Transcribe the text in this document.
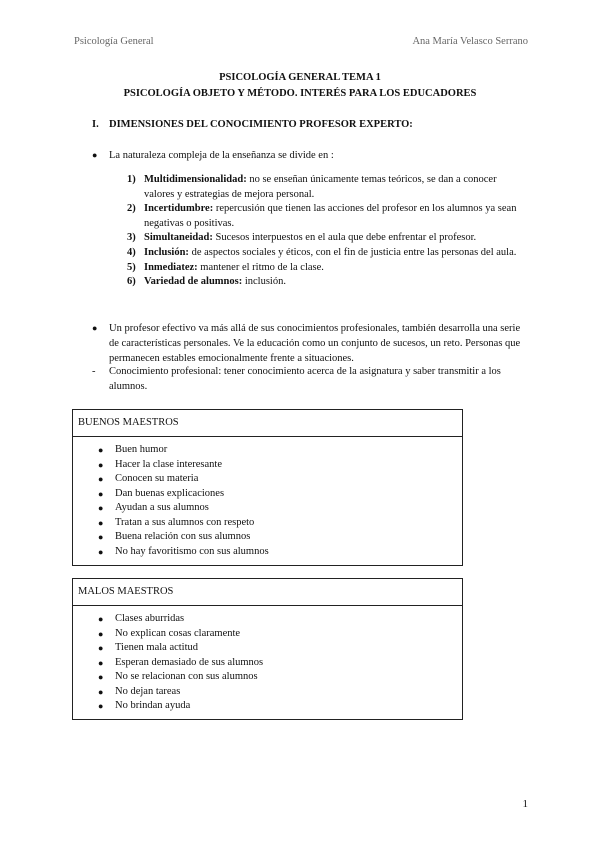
Psicología General	Ana María Velasco Serrano
PSICOLOGÍA GENERAL TEMA 1
PSICOLOGÍA OBJETO Y MÉTODO. INTERÉS PARA LOS EDUCADORES
I. DIMENSIONES DEL CONOCIMIENTO PROFESOR EXPERTO:
● La naturaleza compleja de la enseñanza se divide en :
1) Multidimensionalidad: no se enseñan únicamente temas teóricos, se dan a conocer valores y estrategias de mejora personal.
2) Incertidumbre: repercusión que tienen las acciones del profesor en los alumnos ya sean negativas o positivas.
3) Simultaneidad: Sucesos interpuestos en el aula que debe enfrentar el profesor.
4) Inclusión: de aspectos sociales y éticos, con el fin de justicia entre las personas del aula.
5) Inmediatez: mantener el ritmo de la clase.
6) Variedad de alumnos: inclusión.
● Un profesor efectivo va más allá de sus conocimientos profesionales, también desarrolla una serie de características personales. Ve la educación como un conjunto de sucesos, un reto. Personas que permanecen estables emocionalmente frente a situaciones.
- Conocimiento profesional: tener conocimiento acerca de la asignatura y saber transmitir a los alumnos.
BUENOS MAESTROS
● Buen humor
● Hacer la clase interesante
● Conocen su materia
● Dan buenas explicaciones
● Ayudan a sus alumnos
● Tratan a sus alumnos con respeto
● Buena relación con sus alumnos
● No hay favoritismo con sus alumnos
MALOS MAESTROS
● Clases aburridas
● No explican cosas claramente
● Tienen mala actitud
● Esperan demasiado de sus alumnos
● No se relacionan con sus alumnos
● No dejan tareas
● No brindan ayuda
1
